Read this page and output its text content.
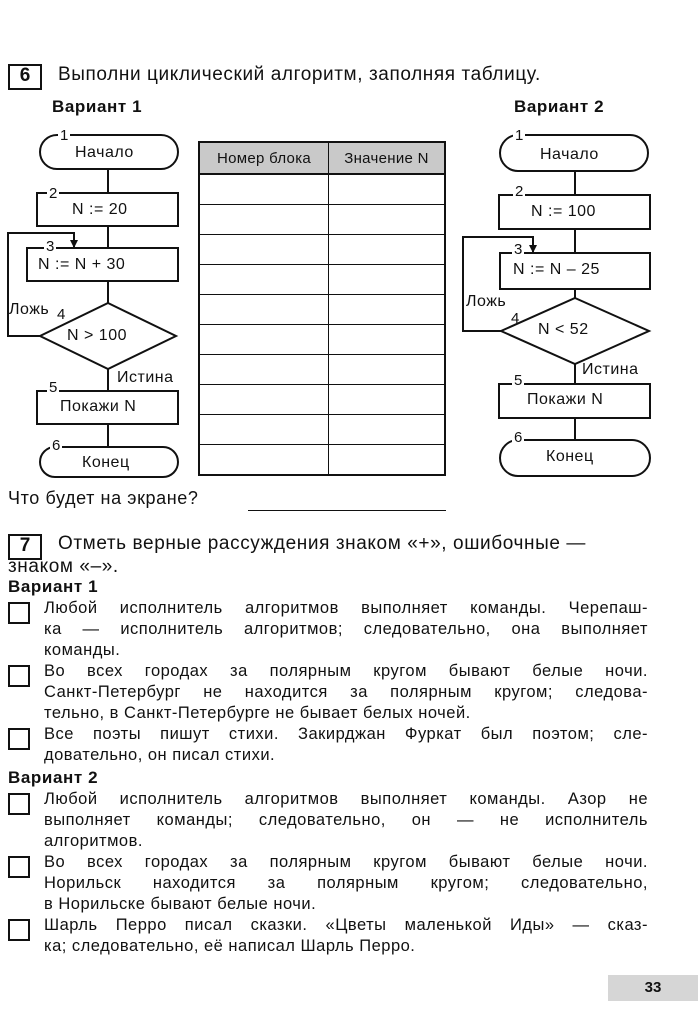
6	Выполни циклический алгоритм, заполняя таблицу.
Вариант 1	Вариант 2
1
Начало
2
N := 20
3
N := N + 30
Ложь 4
N > 100
Истина
5
Покажи N
6
Конец
Номер блока	Значение N

1
Начало
2
N := 100
3
N := N – 25
Ложь
4
N < 52
Истина
5
Покажи N
6
Конец
Что будет на экране?
7	Отметь верные рассуждения знаком «+», ошибочные —
знаком «–».
Вариант 1
Любой исполнитель алгоритмов выполняет команды. Черепаш-
ка — исполнитель алгоритмов; следовательно, она выполняет
команды.
Во всех городах за полярным кругом бывают белые ночи.
Санкт-Петербург не находится за полярным кругом; следова-
тельно, в Санкт-Петербурге не бывает белых ночей.
Все поэты пишут стихи. Закирджан Фуркат был поэтом; сле-
довательно, он писал стихи.
Вариант 2
Любой исполнитель алгоритмов выполняет команды. Азор не
выполняет команды; следовательно, он — не исполнитель
алгоритмов.
Во всех городах за полярным кругом бывают белые ночи.
Норильск находится за полярным кругом; следовательно,
в Норильске бывают белые ночи.
Шарль Перро писал сказки. «Цветы маленькой Иды» — сказ-
ка; следовательно, её написал Шарль Перро.
33
